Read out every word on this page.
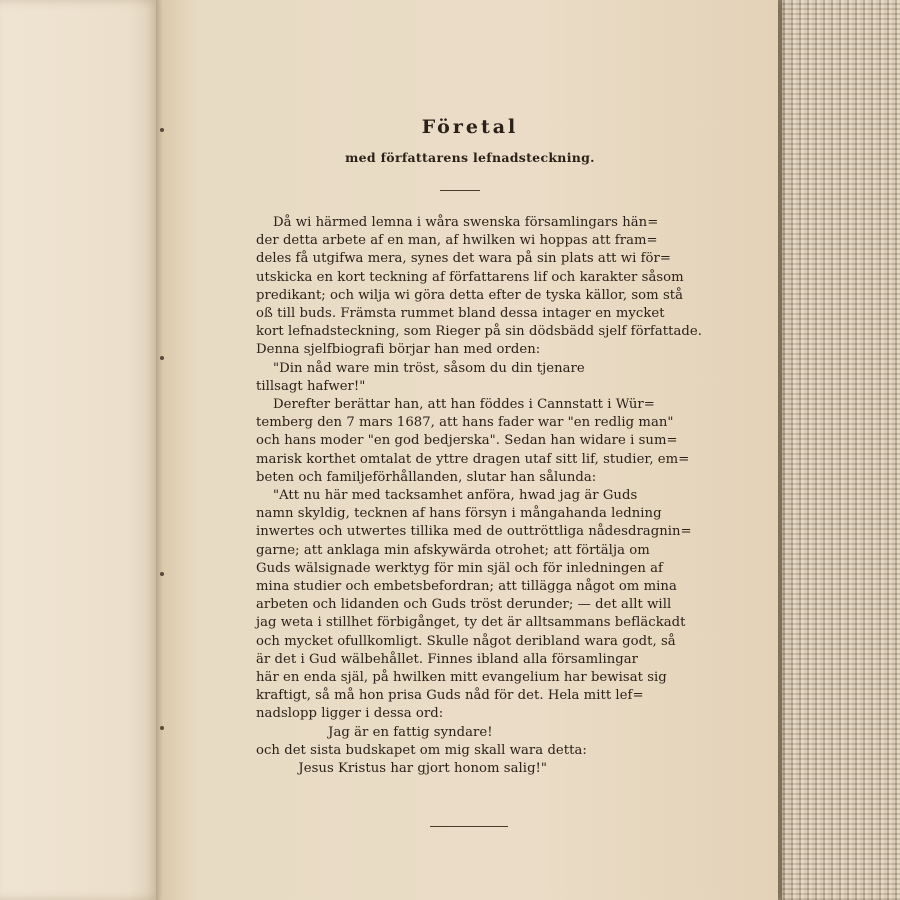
Företal
med författarens lefnadsteckning.
Då wi härmed lemna i wåra swenska församlingars hän=
der detta arbete af en man, af hwilken wi hoppas att fram=
deles få utgifwa mera, synes det wara på sin plats att wi för=
utskicka en kort teckning af författarens lif och karakter såsom
predikant; och wilja wi göra detta efter de tyska källor, som stå
oß till buds. Främsta rummet bland dessa intager en mycket
kort lefnadsteckning, som Rieger på sin dödsbädd sjelf författade.
Denna sjelfbiografi börjar han med orden:
"Din nåd ware min tröst, såsom du din tjenare
tillsagt hafwer!"
Derefter berättar han, att han föddes i Cannstatt i Wür=
temberg den 7 mars 1687, att hans fader war "en redlig man"
och hans moder "en god bedjerska". Sedan han widare i sum=
marisk korthet omtalat de yttre dragen utaf sitt lif, studier, em=
beten och familjeförhållanden, slutar han sålunda:
"Att nu här med tacksamhet anföra, hwad jag är Guds
namn skyldig, tecknen af hans försyn i mångahanda ledning
inwertes och utwertes tillika med de outtröttliga nådesdragnin=
garne; att anklaga min afskywärda otrohet; att förtälja om
Guds wälsignade werktyg för min själ och för inledningen af
mina studier och embetsbefordran; att tillägga något om mina
arbeten och lidanden och Guds tröst derunder; — det allt will
jag weta i stillhet förbigånget, ty det är alltsammans befläckadt
och mycket ofullkomligt. Skulle något deribland wara godt, så
är det i Gud wälbehållet. Finnes ibland alla församlingar
här en enda själ, på hwilken mitt evangelium har bewisat sig
kraftigt, så må hon prisa Guds nåd för det. Hela mitt lef=
nadslopp ligger i dessa ord:
Jag är en fattig syndare!
och det sista budskapet om mig skall wara detta:
Jesus Kristus har gjort honom salig!"
